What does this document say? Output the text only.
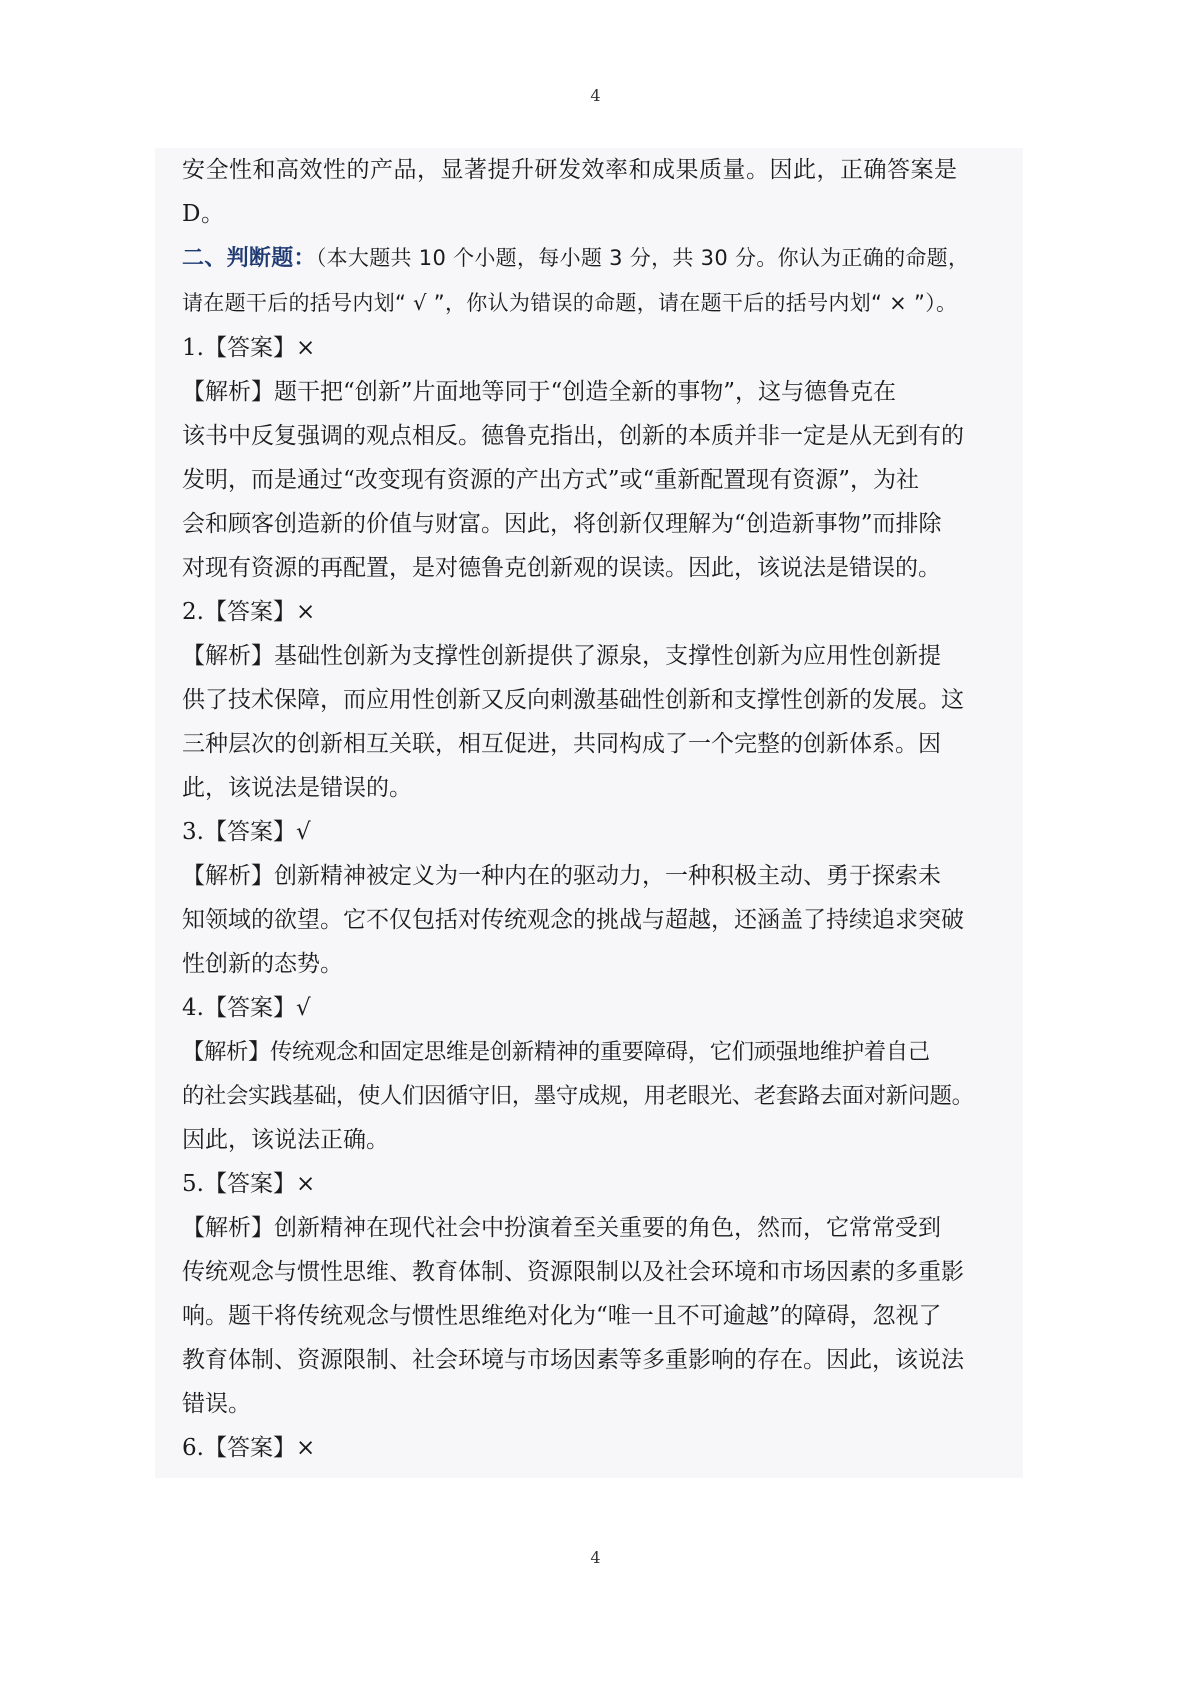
4

安全性和高效性的产品，显著提升研发效率和成果质量。因此，正确答案是

D。

二、判断题：（本大题共 10 个小题，每小题 3 分，共 30 分。你认为正确的命题，

请在题干后的括号内划“ √ ”，你认为错误的命题，请在题干后的括号内划“ × ”）。

1.【答案】×

【解析】题干把“创新”片面地等同于“创造全新的事物”，这与德鲁克在

该书中反复强调的观点相反。德鲁克指出，创新的本质并非一定是从无到有的

发明，而是通过“改变现有资源的产出方式”或“重新配置现有资源”，为社

会和顾客创造新的价值与财富。因此，将创新仅理解为“创造新事物”而排除

对现有资源的再配置，是对德鲁克创新观的误读。因此，该说法是错误的。

2.【答案】×

【解析】基础性创新为支撑性创新提供了源泉，支撑性创新为应用性创新提

供了技术保障，而应用性创新又反向刺激基础性创新和支撑性创新的发展。这

三种层次的创新相互关联，相互促进，共同构成了一个完整的创新体系。因

此，该说法是错误的。

3.【答案】√

【解析】创新精神被定义为一种内在的驱动力，一种积极主动、勇于探索未

知领域的欲望。它不仅包括对传统观念的挑战与超越，还涵盖了持续追求突破

性创新的态势。

4.【答案】√

【解析】传统观念和固定思维是创新精神的重要障碍，它们顽强地维护着自己

的社会实践基础，使人们因循守旧，墨守成规，用老眼光、老套路去面对新问题。

因此，该说法正确。

5.【答案】×

【解析】创新精神在现代社会中扮演着至关重要的角色，然而，它常常受到

传统观念与惯性思维、教育体制、资源限制以及社会环境和市场因素的多重影

响。题干将传统观念与惯性思维绝对化为“唯一且不可逾越”的障碍，忽视了

教育体制、资源限制、社会环境与市场因素等多重影响的存在。因此，该说法

错误。

6.【答案】×

4
